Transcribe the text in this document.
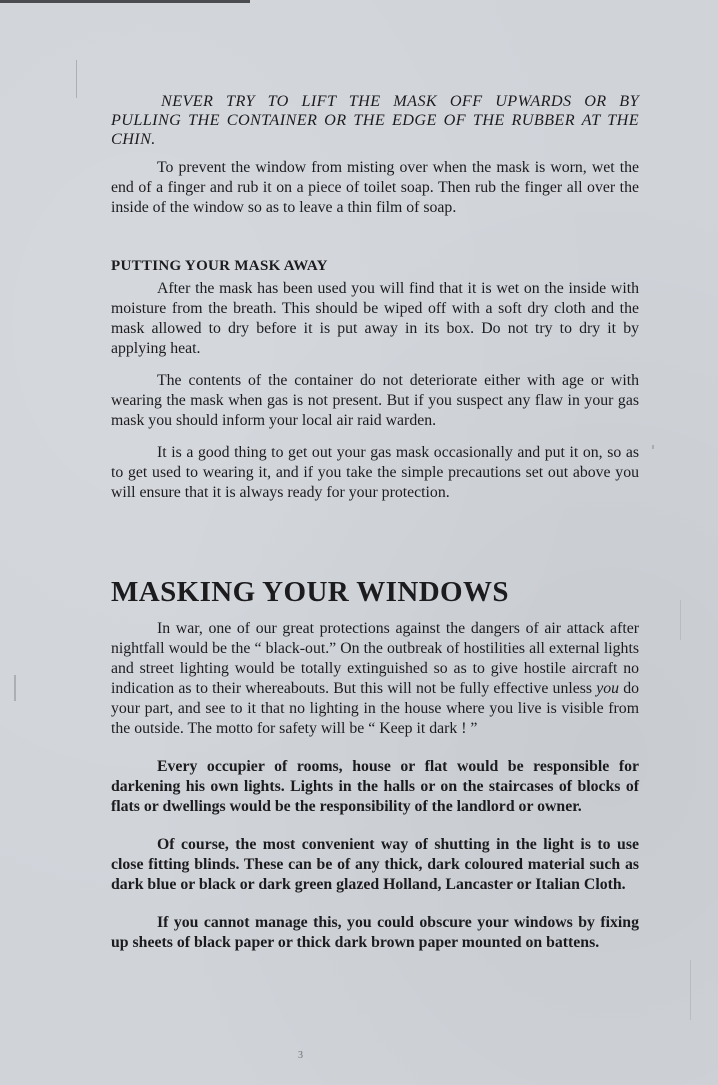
NEVER TRY TO LIFT THE MASK OFF UPWARDS OR BY PULLING THE CONTAINER OR THE EDGE OF THE RUBBER AT THE CHIN.

To prevent the window from misting over when the mask is worn, wet the end of a finger and rub it on a piece of toilet soap. Then rub the finger all over the inside of the window so as to leave a thin film of soap.

PUTTING YOUR MASK AWAY

After the mask has been used you will find that it is wet on the inside with moisture from the breath. This should be wiped off with a soft dry cloth and the mask allowed to dry before it is put away in its box. Do not try to dry it by applying heat.

The contents of the container do not deteriorate either with age or with wearing the mask when gas is not present. But if you suspect any flaw in your gas mask you should inform your local air raid warden.

It is a good thing to get out your gas mask occasionally and put it on, so as to get used to wearing it, and if you take the simple precautions set out above you will ensure that it is always ready for your protection.

MASKING YOUR WINDOWS

In war, one of our great protections against the dangers of air attack after nightfall would be the “ black-out.” On the outbreak of hostilities all external lights and street lighting would be totally extinguished so as to give hostile aircraft no indication as to their whereabouts. But this will not be fully effective unless you do your part, and see to it that no lighting in the house where you live is visible from the outside. The motto for safety will be “ Keep it dark ! ”

Every occupier of rooms, house or flat would be responsible for darkening his own lights. Lights in the halls or on the staircases of blocks of flats or dwellings would be the responsibility of the landlord or owner.

Of course, the most convenient way of shutting in the light is to use close fitting blinds. These can be of any thick, dark coloured material such as dark blue or black or dark green glazed Holland, Lancaster or Italian Cloth.

If you cannot manage this, you could obscure your windows by fixing up sheets of black paper or thick dark brown paper mounted on battens.

3
